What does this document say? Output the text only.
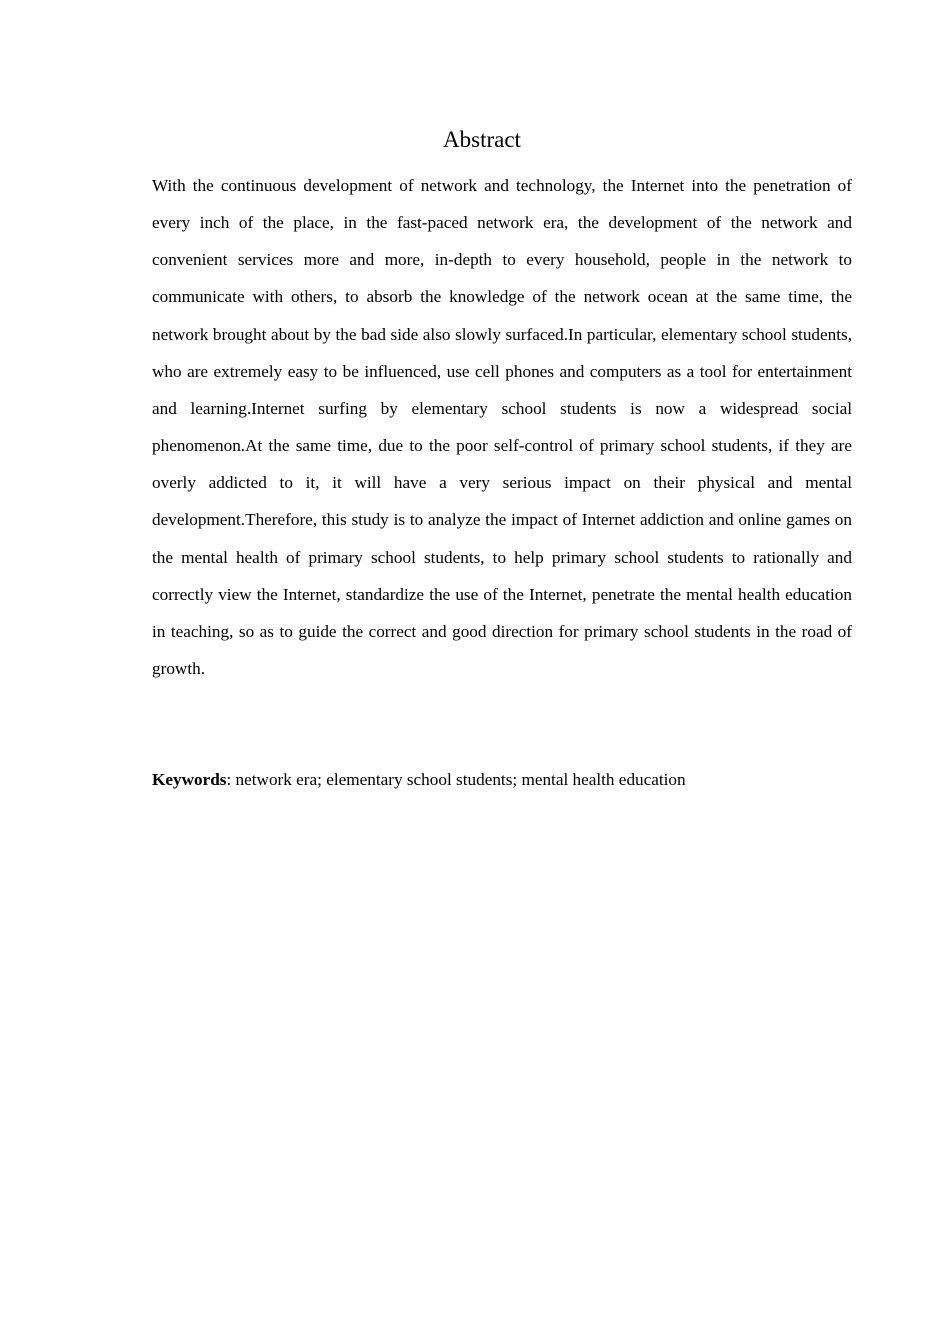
Abstract

With the continuous development of network and technology, the Internet into the penetration of every inch of the place, in the fast-paced network era, the development of the network and convenient services more and more, in-depth to every household, people in the network to communicate with others, to absorb the knowledge of the network ocean at the same time, the network brought about by the bad side also slowly surfaced.In particular, elementary school students, who are extremely easy to be influenced, use cell phones and computers as a tool for entertainment and learning.Internet surfing by elementary school students is now a widespread social phenomenon.At the same time, due to the poor self-control of primary school students, if they are overly addicted to it, it will have a very serious impact on their physical and mental development.Therefore, this study is to analyze the impact of Internet addiction and online games on the mental health of primary school students, to help primary school students to rationally and correctly view the Internet, standardize the use of the Internet, penetrate the mental health education in teaching, so as to guide the correct and good direction for primary school students in the road of growth.

Keywords: network era; elementary school students; mental health education
